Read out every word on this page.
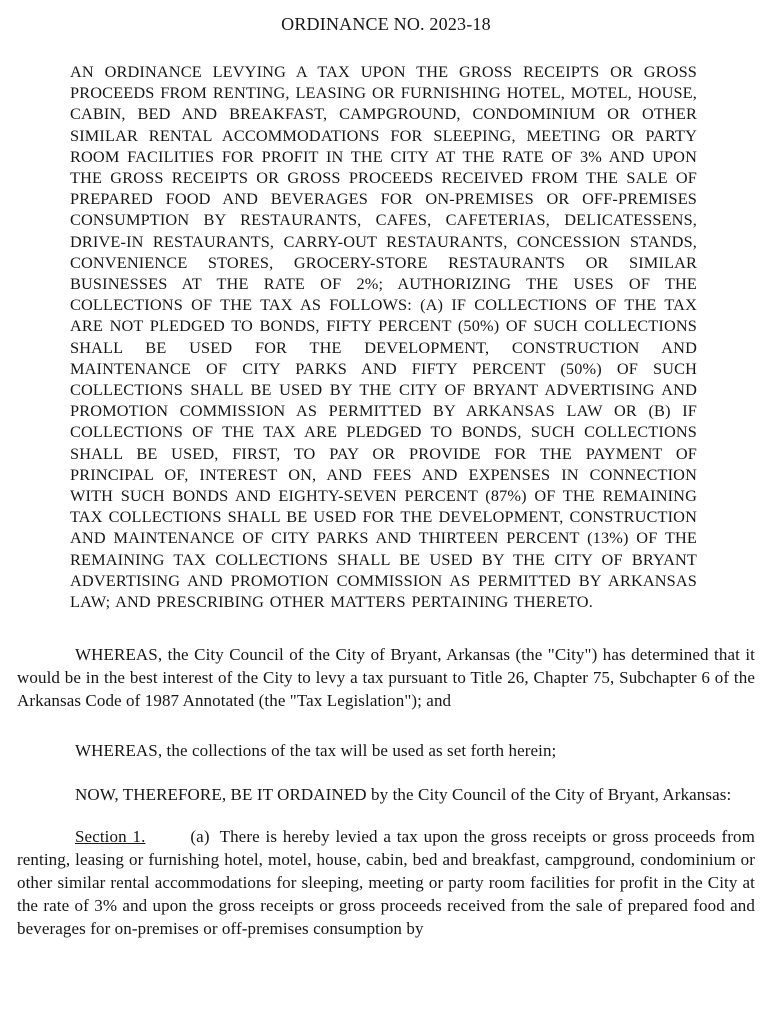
ORDINANCE NO. 2023-18
AN ORDINANCE LEVYING A TAX UPON THE GROSS RECEIPTS OR GROSS PROCEEDS FROM RENTING, LEASING OR FURNISHING HOTEL, MOTEL, HOUSE, CABIN, BED AND BREAKFAST, CAMPGROUND, CONDOMINIUM OR OTHER SIMILAR RENTAL ACCOMMODATIONS FOR SLEEPING, MEETING OR PARTY ROOM FACILITIES FOR PROFIT IN THE CITY AT THE RATE OF 3% AND UPON THE GROSS RECEIPTS OR GROSS PROCEEDS RECEIVED FROM THE SALE OF PREPARED FOOD AND BEVERAGES FOR ON-PREMISES OR OFF-PREMISES CONSUMPTION BY RESTAURANTS, CAFES, CAFETERIAS, DELICATESSENS, DRIVE-IN RESTAURANTS, CARRY-OUT RESTAURANTS, CONCESSION STANDS, CONVENIENCE STORES, GROCERY-STORE RESTAURANTS OR SIMILAR BUSINESSES AT THE RATE OF 2%; AUTHORIZING THE USES OF THE COLLECTIONS OF THE TAX AS FOLLOWS: (A) IF COLLECTIONS OF THE TAX ARE NOT PLEDGED TO BONDS, FIFTY PERCENT (50%) OF SUCH COLLECTIONS SHALL BE USED FOR THE DEVELOPMENT, CONSTRUCTION AND MAINTENANCE OF CITY PARKS AND FIFTY PERCENT (50%) OF SUCH COLLECTIONS SHALL BE USED BY THE CITY OF BRYANT ADVERTISING AND PROMOTION COMMISSION AS PERMITTED BY ARKANSAS LAW OR (B) IF COLLECTIONS OF THE TAX ARE PLEDGED TO BONDS, SUCH COLLECTIONS SHALL BE USED, FIRST, TO PAY OR PROVIDE FOR THE PAYMENT OF PRINCIPAL OF, INTEREST ON, AND FEES AND EXPENSES IN CONNECTION WITH SUCH BONDS AND EIGHTY-SEVEN PERCENT (87%) OF THE REMAINING TAX COLLECTIONS SHALL BE USED FOR THE DEVELOPMENT, CONSTRUCTION AND MAINTENANCE OF CITY PARKS AND THIRTEEN PERCENT (13%) OF THE REMAINING TAX COLLECTIONS SHALL BE USED BY THE CITY OF BRYANT ADVERTISING AND PROMOTION COMMISSION AS PERMITTED BY ARKANSAS LAW; AND PRESCRIBING OTHER MATTERS PERTAINING THERETO.

WHEREAS, the City Council of the City of Bryant, Arkansas (the "City") has determined that it would be in the best interest of the City to levy a tax pursuant to Title 26, Chapter 75, Subchapter 6 of the Arkansas Code of 1987 Annotated (the "Tax Legislation"); and

WHEREAS, the collections of the tax will be used as set forth herein;

NOW, THEREFORE, BE IT ORDAINED by the City Council of the City of Bryant, Arkansas:

Section 1.	(a) There is hereby levied a tax upon the gross receipts or gross proceeds from renting, leasing or furnishing hotel, motel, house, cabin, bed and breakfast, campground, condominium or other similar rental accommodations for sleeping, meeting or party room facilities for profit in the City at the rate of 3% and upon the gross receipts or gross proceeds received from the sale of prepared food and beverages for on-premises or off-premises consumption by
